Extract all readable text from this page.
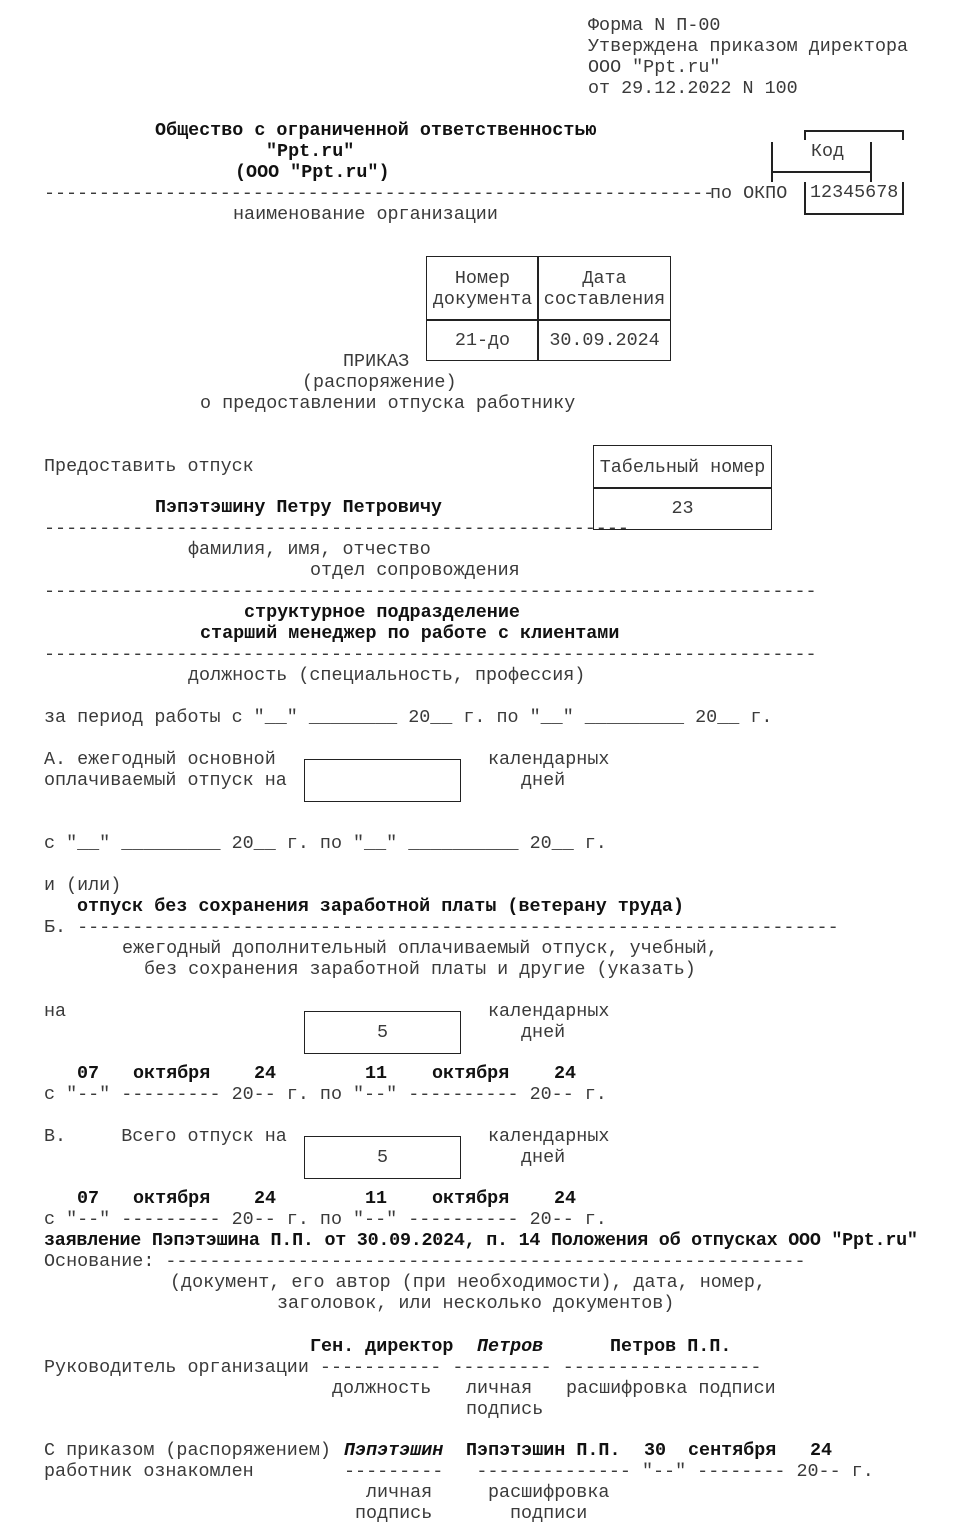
Форма N П-00
Утверждена приказом директора
ООО "Ppt.ru"
от 29.12.2022 N 100
Общество с ограниченной ответственностью
"Ppt.ru"
(ООО "Ppt.ru")
-------------------------------------------------------------
наименование организации
по ОКПО
Код
12345678
Номер
документа
Дата
составления
21-до	30.09.2024
ПРИКАЗ
(распоряжение)
о предоставлении отпуска работнику
Предоставить отпуск	Табельный номер
23
Пэпэтэшину Петру Петровичу
-----------------------------------------------------
фамилия, имя, отчество
отдел сопровождения
----------------------------------------------------------------------
структурное подразделение
старший менеджер по работе с клиентами
----------------------------------------------------------------------
должность (специальность, профессия)
за период работы с "__" ________ 20__ г. по "__" _________ 20__ г.
А. ежегодный основной
оплачиваемый отпуск на
календарных
дней
с "__" _________ 20__ г. по "__" __________ 20__ г.
и (или)
отпуск без сохранения заработной платы (ветерану труда)
Б. ---------------------------------------------------------------------
ежегодный дополнительный оплачиваемый отпуск, учебный,
без сохранения заработной платы и другие (указать)
на
5
календарных
дней
07 октября 24	11 октября 24
с "--" --------- 20-- г. по "--" ---------- 20-- г.
В.     Всего отпуск на
5
календарных
дней
07 октября 24	11 октября 24
с "--" --------- 20-- г. по "--" ---------- 20-- г.
заявление Пэпэтэшина П.П. от 30.09.2024, п. 14 Положения об отпусках ООО "Ppt.ru"
Основание: ----------------------------------------------------------
(документ, его автор (при необходимости), дата, номер,
заголовок, или несколько документов)
Ген. директор Петров	Петров П.П.
Руководитель организации ----------- --------- ------------------
должность личная
подпись
расшифровка подписи
С приказом (распоряжением)
работник ознакомлен
Пэпэтэшин Пэпэтэшин П.П. 30 сентября 24
---------   -------------- "--" -------- 20-- г.
личная
подпись
расшифровка
подписи
